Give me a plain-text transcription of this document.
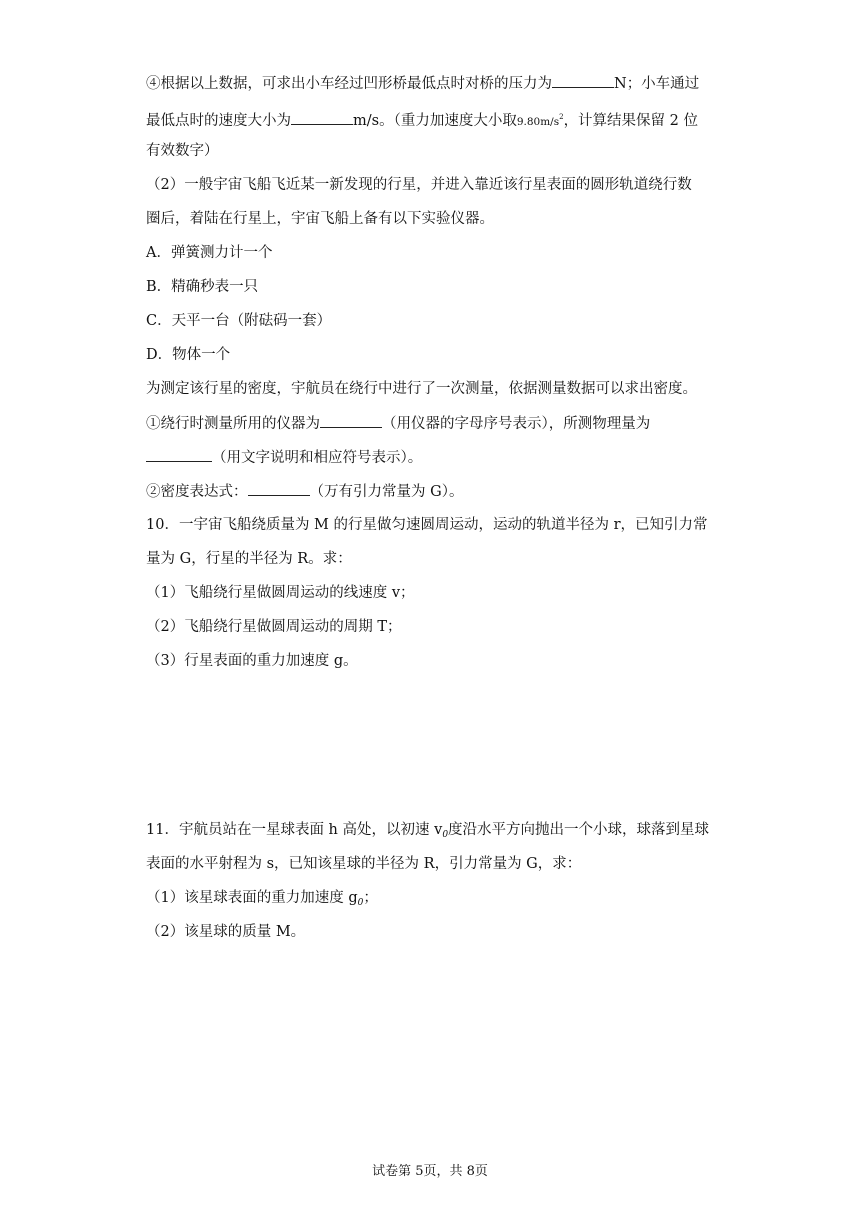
④根据以上数据，可求出小车经过凹形桥最低点时对桥的压力为	N；小车通过
最低点时的速度大小为	m/s。（重力加速度大小取$9.80m/s^2$，计算结果保留 2 位
有效数字）
（2）一般宇宙飞船飞近某一新发现的行星，并进入靠近该行星表面的圆形轨道绕行数
圈后，着陆在行星上，宇宙飞船上备有以下实验仪器。
A．弹簧测力计一个
B．精确秒表一只
C．天平一台（附砝码一套）
D．物体一个
为测定该行星的密度，宇航员在绕行中进行了一次测量，依据测量数据可以求出密度。
①绕行时测量所用的仪器为	（用仪器的字母序号表示），所测物理量为
（用文字说明和相应符号表示）。
②密度表达式：	（万有引力常量为 G）。
10．一宇宙飞船绕质量为 M 的行星做匀速圆周运动，运动的轨道半径为 r，已知引力常
量为 G，行星的半径为 R。求：
（1）飞船绕行星做圆周运动的线速度 v；
（2）飞船绕行星做圆周运动的周期 T；
（3）行星表面的重力加速度 g。
11．宇航员站在一星球表面 h 高处，以初速 $v_0$度沿水平方向抛出一个小球，球落到星球
表面的水平射程为 s，已知该星球的半径为 R，引力常量为 G，求：
（1）该星球表面的重力加速度 $g_0$；
（2）该星球的质量 M。
试卷第 5页，共 8页
